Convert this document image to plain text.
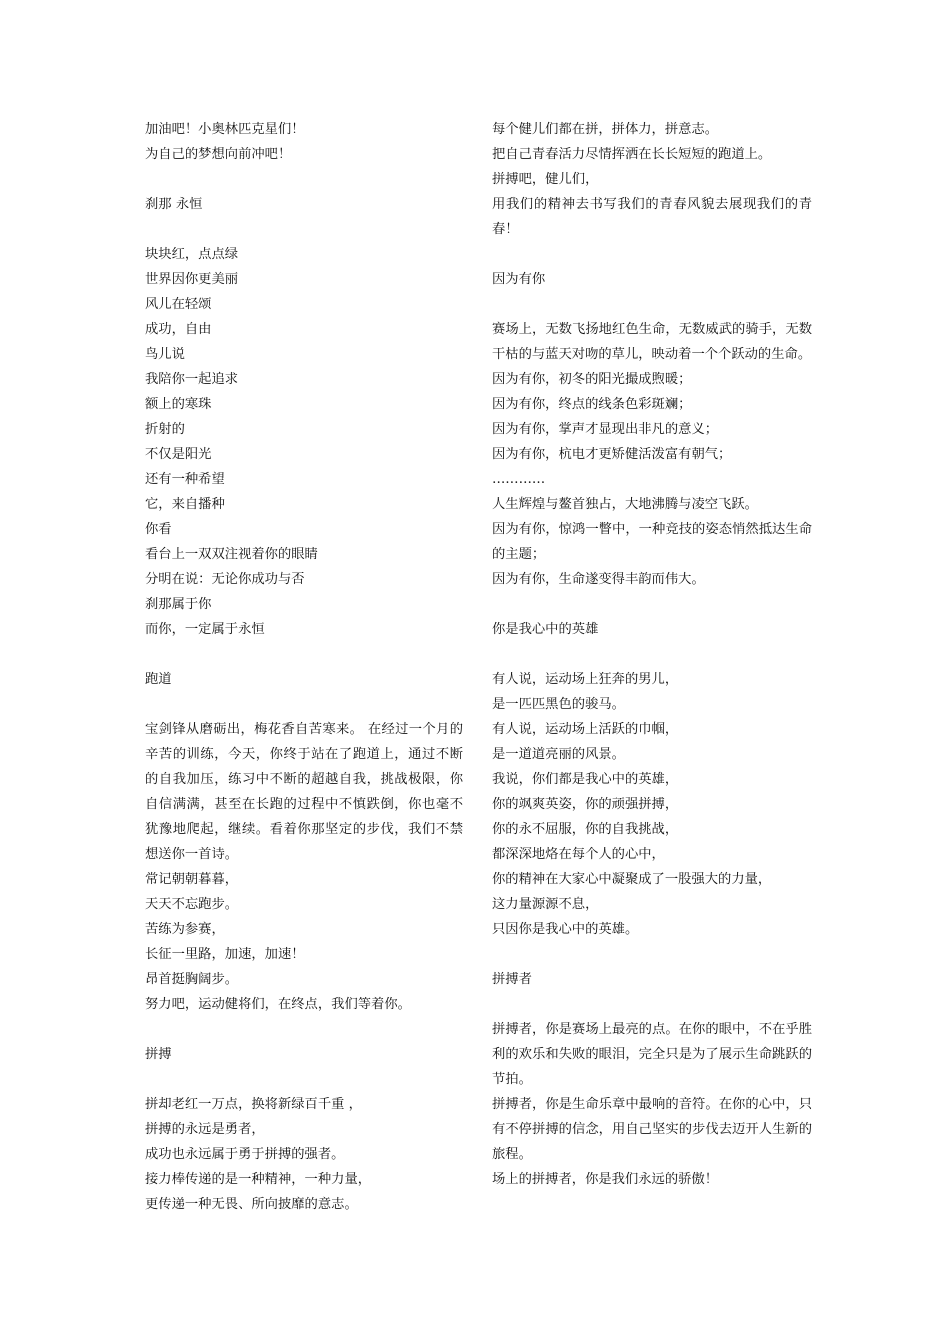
加油吧！小奥林匹克星们！
为自己的梦想向前冲吧！
刹那 永恒
块块红，点点绿
世界因你更美丽
风儿在轻颂
成功，自由
鸟儿说
我陪你一起追求
额上的寒珠
折射的
不仅是阳光
还有一种希望
它，来自播种
你看
看台上一双双注视着你的眼睛
分明在说：无论你成功与否
刹那属于你
而你，一定属于永恒
跑道
宝剑锋从磨砺出，梅花香自苦寒来。 在经过一个月的辛苦的训练，今天，你终于站在了跑道上，通过不断的自我加压，练习中不断的超越自我，挑战极限，你自信满满，甚至在长跑的过程中不慎跌倒，你也毫不犹豫地爬起，继续。看着你那坚定的步伐，我们不禁想送你一首诗。
常记朝朝暮暮，
天天不忘跑步。
苦练为参赛，
长征一里路，加速，加速！
昂首挺胸阔步。
努力吧，运动健将们，在终点，我们等着你。
拼搏
拼却老红一万点，换将新绿百千重 ，
拼搏的永远是勇者，
成功也永远属于勇于拼搏的强者。
接力棒传递的是一种精神，一种力量，
更传递一种无畏、所向披靡的意志。
每个健儿们都在拼，拼体力，拼意志。
把自己青春活力尽情挥洒在长长短短的跑道上。
拼搏吧，健儿们，
用我们的精神去书写我们的青春风貌去展现我们的青春！
因为有你
赛场上，无数飞扬地红色生命，无数威武的骑手，无数干枯的与蓝天对吻的草儿，映动着一个个跃动的生命。
因为有你，初冬的阳光撮成煦暖；
因为有你，终点的线条色彩斑斓；
因为有你，掌声才显现出非凡的意义；
因为有你，杭电才更矫健活泼富有朝气；
…………
人生辉煌与鳌首独占，大地沸腾与凌空飞跃。
因为有你，惊鸿一瞥中，一种竞技的姿态悄然抵达生命的主题；
因为有你，生命遂变得丰韵而伟大。
你是我心中的英雄
有人说，运动场上狂奔的男儿，
是一匹匹黑色的骏马。
有人说，运动场上活跃的巾帼，
是一道道亮丽的风景。
我说，你们都是我心中的英雄，
你的飒爽英姿，你的顽强拼搏，
你的永不屈服，你的自我挑战，
都深深地烙在每个人的心中，
你的精神在大家心中凝聚成了一股强大的力量，
这力量源源不息，
只因你是我心中的英雄。
拼搏者
拼搏者，你是赛场上最亮的点。在你的眼中，不在乎胜利的欢乐和失败的眼泪，完全只是为了展示生命跳跃的节拍。
拼搏者，你是生命乐章中最响的音符。在你的心中，只有不停拼搏的信念，用自己坚实的步伐去迈开人生新的旅程。
场上的拼搏者，你是我们永远的骄傲！
